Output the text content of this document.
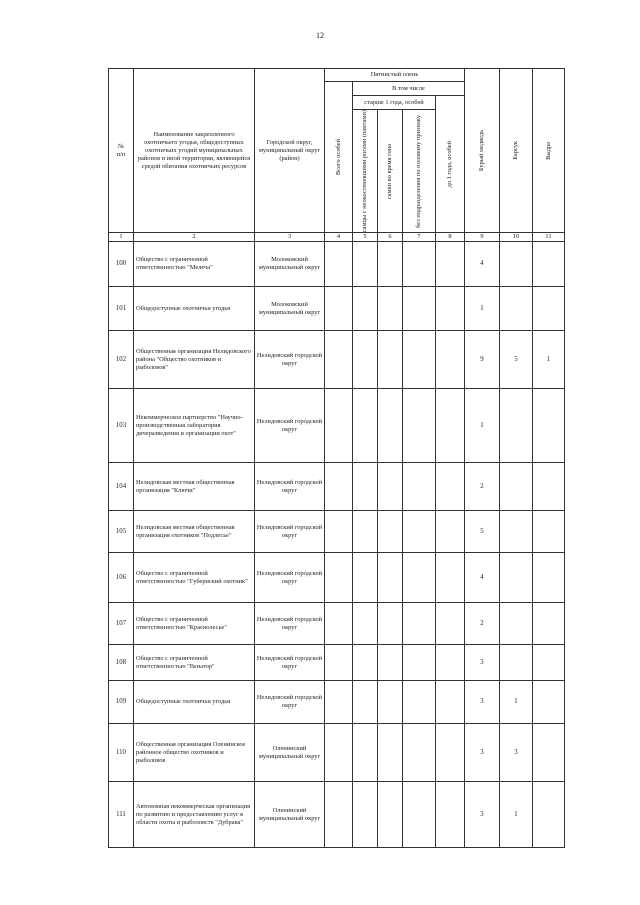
12
№
п/п	Наименование закрепленного охотничьего угодья, общедоступных охотничьих угодий муниципальных районов и иной территории, являющейся средой обитания охотничьих ресурсов	Городской округ, муниципальный округ (район)	Пятнистый олень					Бурый медведь	Барсук	Выдра

			Всего особей	В том числе						
				старше 1 года, особей			до 1 года, особей			

				самцы с неокостеневшими рогами (пантами)	самки во время гона	без подразделения по половому признаку				

1	2	3	4	5	6	7	8	9	10	11
100	Общество с ограниченной ответственностью "Мелеча"	Молоковский муниципальный округ						4		
101	Общедоступные охотничьи угодья	Молоковский муниципальный округ						1		
102	Общественная организация Нелидовского района "Общество охотников и рыболовов"	Нелидовский городской округ						9	5	1
103	Некоммерческое партнерство "Научно-производственная лаборатория дичеразведения и организации охот"	Нелидовский городской округ						1		
104	Нелидовская местная общественная организация "Ключи"	Нелидовский городской округ						2		
105	Нелидовская местная общественная организация охотников "Подлесье"	Нелидовский городской округ						5		
106	Общество с ограниченной ответственностью "Губернский охотник"	Нелидовский городской округ						4		
107	Общество с ограниченной ответственностью "Краснолесье"	Нелидовский городской округ						2		
108	Общество с ограниченной ответственностью "Венатор"	Нелидовский городской округ						3		
109	Общедоступные охотничьи угодья	Нелидовский городской округ						3	1	
110	Общественная организация Оленинское районное общество охотников и рыболовов	Оленинский муниципальный округ						3	3	
111	Автономная некоммерческая организация по развитию и предоставлению услуг в области охоты и рыболовств "Дубрава"	Оленинский муниципальный округ						3	1	
